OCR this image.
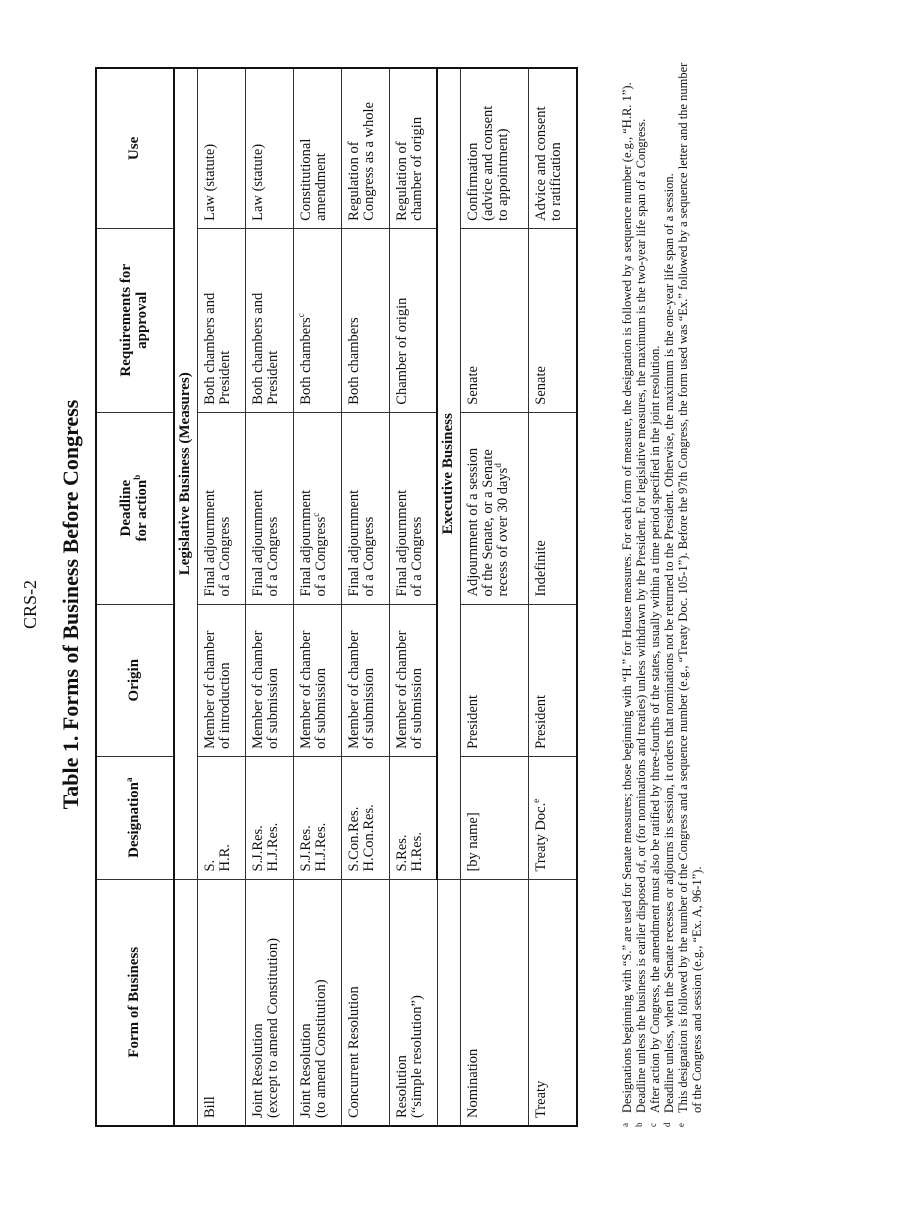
CRS-2 Table 1. Forms of Business Before Congress
Form of Business	Designation$^a$	Origin	Deadline for action$^b$	Requirements for approval	Use
	Legislative Business (Measures)				

Bill	S. H.R.	Member of chamber of introduction	Final adjournment of a Congress	Both chambers and President	Law (statute)

Joint Resolution (except to amend Constitution)	S.J.Res. H.J.Res.	Member of chamber of submission	Final adjournment of a Congress	Both chambers and President	Law (statute)

Joint Resolution (to amend Constitution)	S.J.Res. H.J.Res.	Member of chamber of submission	Final adjournment of a Congress$^c$	Both chambers$^c$	Constitutional amendment

Concurrent Resolution	S.Con.Res. H.Con.Res.	Member of chamber of submission	Final adjournment of a Congress	Both chambers	Regulation of Congress as a whole

Resolution (“simple resolution”)	S.Res. H.Res.	Member of chamber of submission	Final adjournment of a Congress	Chamber of origin	Regulation of chamber of origin

	Executive Business				

Nomination	[by name]	President	Adjournment of a session of the Senate, or a Senate recess of over 30 days$^d$	Senate	Confirmation (advice and consent to appointment)

Treaty	Treaty Doc.$^e$	President	Indefinite	Senate	Advice and consent to ratification

aDesignations beginning with “S.” are used for Senate measures; those beginning with “H.” for House measures. For each form of measure, the designation is followed by a sequence number (e.g., “H.R. 1”).

bDeadline unless the business is earlier disposed of, or (for nominations and treaties) unless withdrawn by the President. For legislative measures, the maximum is the two-year life span of a Congress.

cAfter action by Congress, the amendment must also be ratified by three-fourths of the states, usually within a time period specified in the joint resolution.

dDeadline unless, when the Senate recesses or adjourns its session, it orders that nominations not be returned to the President. Otherwise, the maximum is the one-year life span of a session.

eThis designation is followed by the number of the Congress and a sequence number (e.g., “Treaty Doc. 105-1”). Before the 97th Congress, the form used was “Ex.” followed by a sequence letter and the number of the Congress and session (e.g., “Ex. A, 96-1”).
